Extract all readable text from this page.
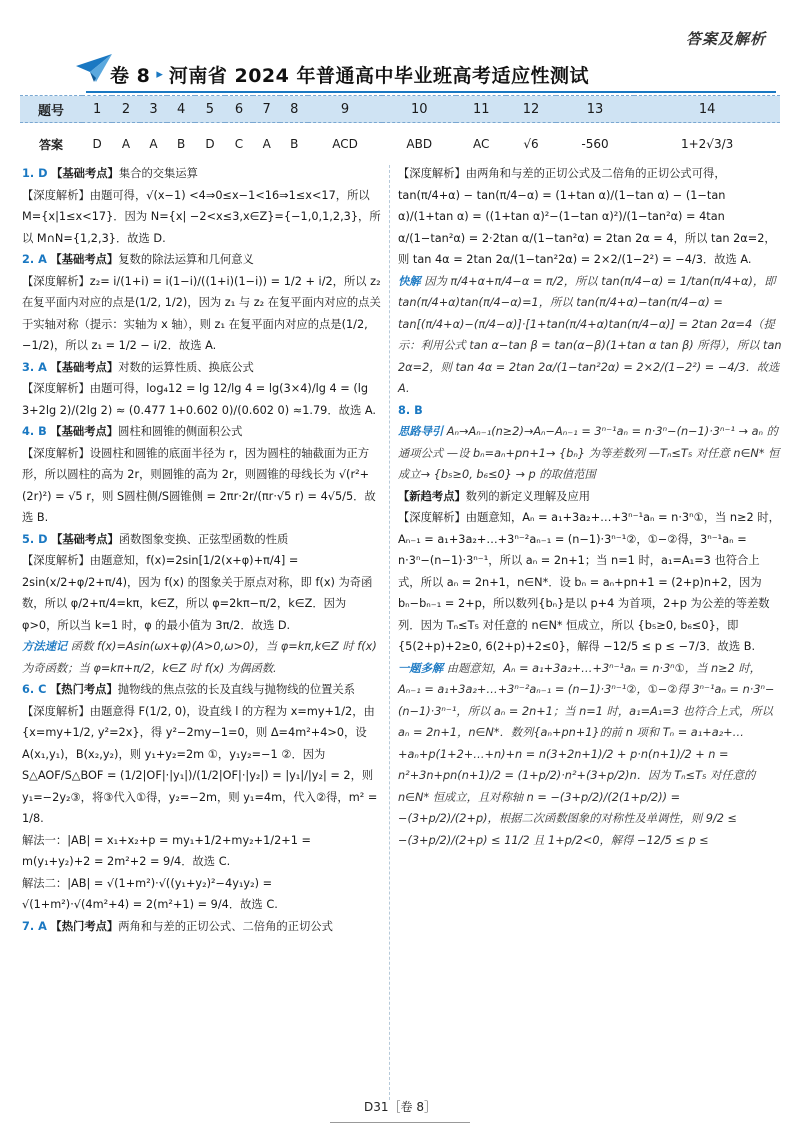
答案及解析
卷 8 ▸ 河南省 2024 年普通高中毕业班高考适应性测试
题号	1	2	3	4	5	6	7	8	9	10	11	12	13	14
答案	D	A	A	B	D	C	A	B	ACD	ABD	AC	√6	-560	1+2√3/3

1. D 【基础考点】集合的交集运算

【深度解析】由题可得，√(x−1) <4⇒0≤x−1<16⇒1≤x<17，所以 M={x|1≤x<17}．因为 N={x| −2<x≤3,x∈Z}={−1,0,1,2,3}，所以 M∩N={1,2,3}．故选 D.

2. A 【基础考点】复数的除法运算和几何意义

【深度解析】z₂= i/(1+i) = i(1−i)/((1+i)(1−i)) = 1/2 + i/2，所以 z₂ 在复平面内对应的点是(1/2, 1/2)，因为 z₁ 与 z₂ 在复平面内对应的点关于实轴对称（提示：实轴为 x 轴），则 z₁ 在复平面内对应的点是(1/2, −1/2)，所以 z₁ = 1/2 − i/2．故选 A.

3. A 【基础考点】对数的运算性质、换底公式

【深度解析】由题可得，log₄12 = lg 12/lg 4 = lg(3×4)/lg 4 = (lg 3+2lg 2)/(2lg 2) ≈ (0.477 1+0.602 0)/(0.602 0) ≈1.79．故选 A.

4. B 【基础考点】圆柱和圆锥的侧面积公式

【深度解析】设圆柱和圆锥的底面半径为 r，因为圆柱的轴截面为正方形，所以圆柱的高为 2r，则圆锥的高为 2r，则圆锥的母线长为 √(r²+(2r)²) = √5 r，则 S圆柱侧/S圆锥侧 = 2πr·2r/(πr·√5 r) = 4√5/5．故选 B.

5. D 【基础考点】函数图象变换、正弦型函数的性质

【深度解析】由题意知，f(x)=2sin[1/2(x+φ)+π/4] = 2sin(x/2+φ/2+π/4)，因为 f(x) 的图象关于原点对称，即 f(x) 为奇函数，所以 φ/2+π/4=kπ，k∈Z，所以 φ=2kπ−π/2，k∈Z．因为 φ>0，所以当 k=1 时，φ 的最小值为 3π/2．故选 D.

方法速记 函数 f(x)=Asin(ωx+φ)(A>0,ω>0)，当 φ=kπ,k∈Z 时 f(x) 为奇函数；当 φ=kπ+π/2，k∈Z 时 f(x) 为偶函数.

6. C 【热门考点】抛物线的焦点弦的长及直线与抛物线的位置关系

【深度解析】由题意得 F(1/2, 0)，设直线 l 的方程为 x=my+1/2，由 {x=my+1/2, y²=2x}，得 y²−2my−1=0，则 Δ=4m²+4>0，设 A(x₁,y₁)，B(x₂,y₂)，则 y₁+y₂=2m ①，y₁y₂=−1 ②．因为 S△AOF/S△BOF = (1/2|OF|·|y₁|)/(1/2|OF|·|y₂|) = |y₁|/|y₂| = 2，则 y₁=−2y₂③，将③代入①得，y₂=−2m，则 y₁=4m，代入②得，m² = 1/8.

解法一：|AB| = x₁+x₂+p = my₁+1/2+my₂+1/2+1 = m(y₁+y₂)+2 = 2m²+2 = 9/4．故选 C.

解法二：|AB| = √(1+m²)·√((y₁+y₂)²−4y₁y₂) = √(1+m²)·√(4m²+4) = 2(m²+1) = 9/4．故选 C.

7. A 【热门考点】两角和与差的正切公式、二倍角的正切公式

【深度解析】由两角和与差的正切公式及二倍角的正切公式可得，tan(π/4+α) − tan(π/4−α) = (1+tan α)/(1−tan α) − (1−tan α)/(1+tan α) = ((1+tan α)²−(1−tan α)²)/(1−tan²α) = 4tan α/(1−tan²α) = 2·2tan α/(1−tan²α) = 2tan 2α = 4，所以 tan 2α=2，则 tan 4α = 2tan 2α/(1−tan²2α) = 2×2/(1−2²) = −4/3．故选 A.

快解 因为 π/4+α+π/4−α = π/2，所以 tan(π/4−α) = 1/tan(π/4+α)，即 tan(π/4+α)tan(π/4−α)=1，所以 tan(π/4+α)−tan(π/4−α) = tan[(π/4+α)−(π/4−α)]·[1+tan(π/4+α)tan(π/4−α)] = 2tan 2α=4（提示：利用公式 tan α−tan β = tan(α−β)(1+tan α tan β) 所得），所以 tan 2α=2，则 tan 4α = 2tan 2α/(1−tan²2α) = 2×2/(1−2²) = −4/3．故选 A.

8. B

思路导引 Aₙ→Aₙ₋₁(n≥2)→Aₙ−Aₙ₋₁ = 3ⁿ⁻¹aₙ = n·3ⁿ−(n−1)·3ⁿ⁻¹ → aₙ 的通项公式 —设 bₙ=aₙ+pn+1→ {bₙ} 为等差数列 —Tₙ≤T₅ 对任意 n∈N* 恒成立→ {b₅≥0, b₆≤0} → p 的取值范围

【新趋考点】数列的新定义理解及应用

【深度解析】由题意知，Aₙ = a₁+3a₂+…+3ⁿ⁻¹aₙ = n·3ⁿ①，当 n≥2 时，Aₙ₋₁ = a₁+3a₂+…+3ⁿ⁻²aₙ₋₁ = (n−1)·3ⁿ⁻¹②，①−②得，3ⁿ⁻¹aₙ = n·3ⁿ−(n−1)·3ⁿ⁻¹，所以 aₙ = 2n+1；当 n=1 时，a₁=A₁=3 也符合上式，所以 aₙ = 2n+1，n∈N*．设 bₙ = aₙ+pn+1 = (2+p)n+2，因为 bₙ−bₙ₋₁ = 2+p，所以数列{bₙ}是以 p+4 为首项，2+p 为公差的等差数列．因为 Tₙ≤T₅ 对任意的 n∈N* 恒成立，所以 {b₅≥0, b₆≤0}，即 {5(2+p)+2≥0, 6(2+p)+2≤0}，解得 −12/5 ≤ p ≤ −7/3．故选 B.

一题多解 由题意知，Aₙ = a₁+3a₂+…+3ⁿ⁻¹aₙ = n·3ⁿ①，当 n≥2 时，Aₙ₋₁ = a₁+3a₂+…+3ⁿ⁻²aₙ₋₁ = (n−1)·3ⁿ⁻¹②，①−②得 3ⁿ⁻¹aₙ = n·3ⁿ−(n−1)·3ⁿ⁻¹，所以 aₙ = 2n+1；当 n=1 时，a₁=A₁=3 也符合上式，所以 aₙ = 2n+1，n∈N*．数列{aₙ+pn+1}的前 n 项和 Tₙ = a₁+a₂+…+aₙ+p(1+2+…+n)+n = n(3+2n+1)/2 + p·n(n+1)/2 + n = n²+3n+pn(n+1)/2 = (1+p/2)·n²+(3+p/2)n．因为 Tₙ≤T₅ 对任意的 n∈N* 恒成立，且对称轴 n = −(3+p/2)/(2(1+p/2)) = −(3+p/2)/(2+p)，根据二次函数图象的对称性及单调性，则 9/2 ≤ −(3+p/2)/(2+p) ≤ 11/2 且 1+p/2<0，解得 −12/5 ≤ p ≤

D31［卷 8］
